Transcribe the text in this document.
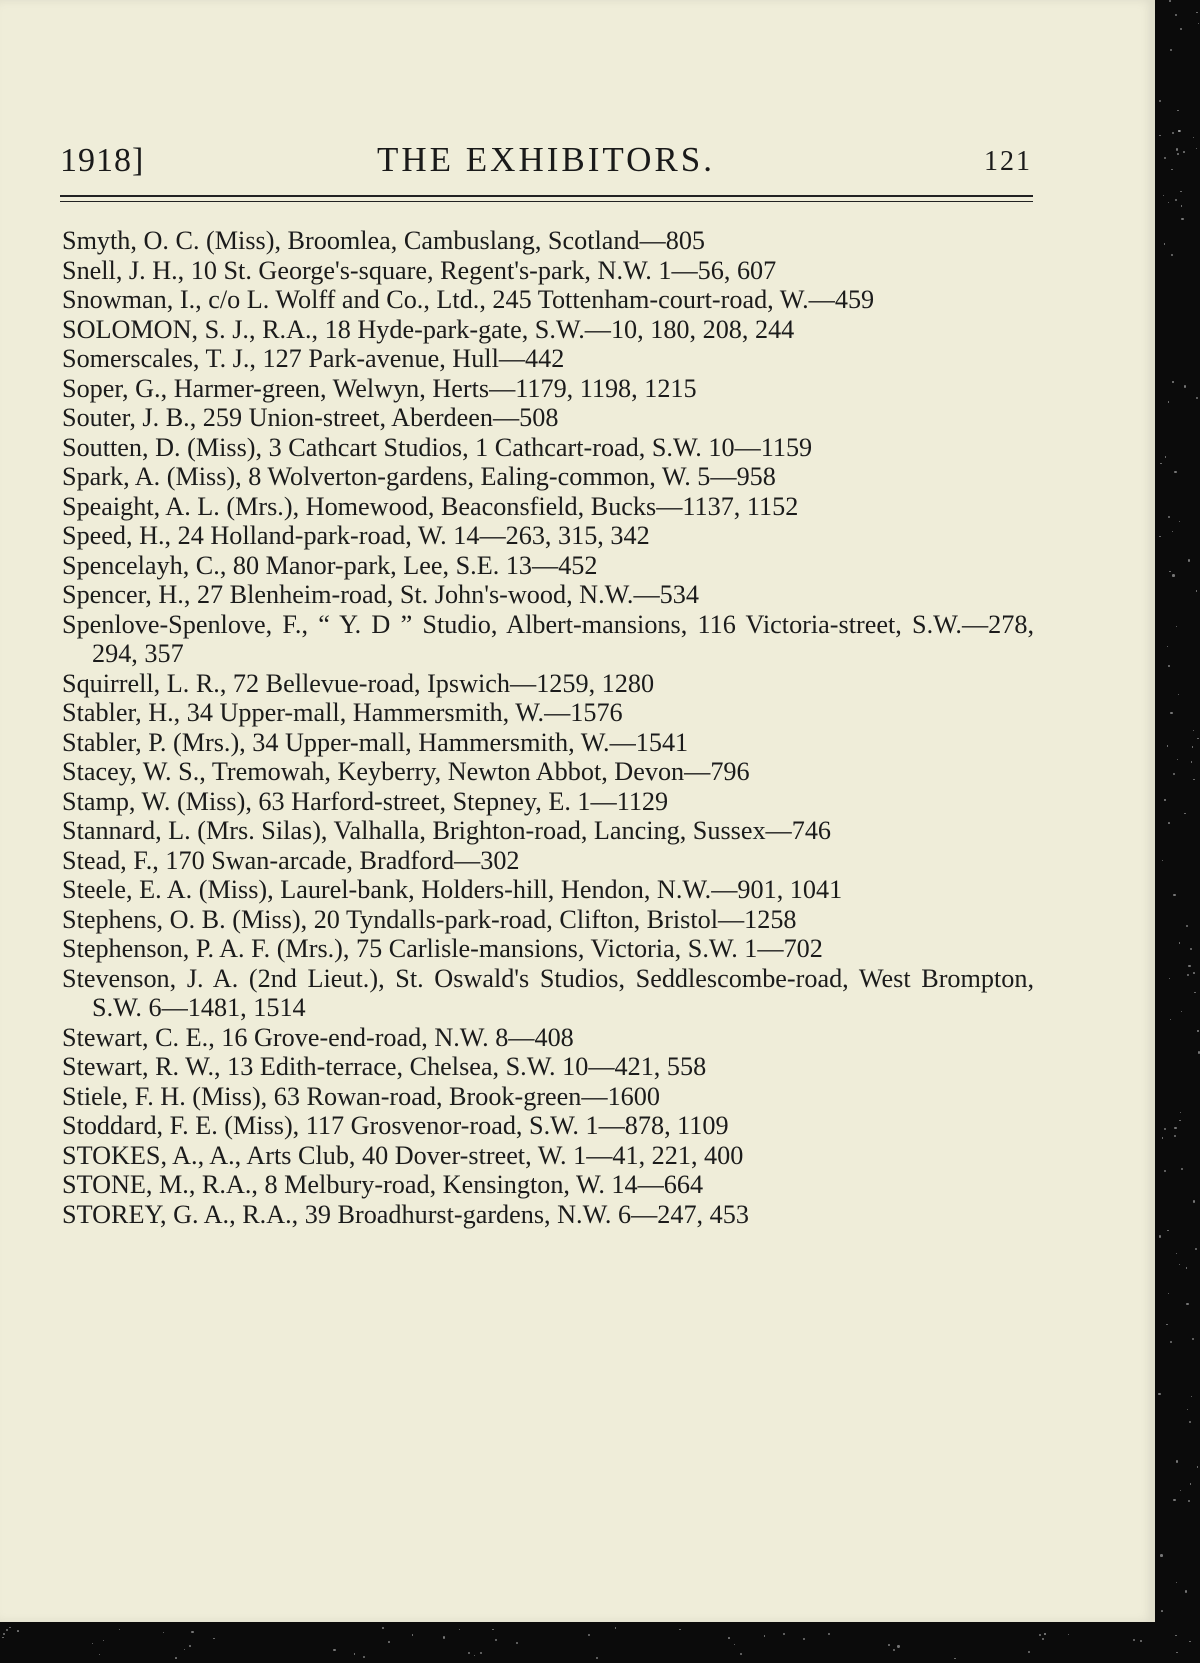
1918]	THE EXHIBITORS.	121

Smyth, O. C. (Miss), Broomlea, Cambuslang, Scotland—805

Snell, J. H., 10 St. George's-square, Regent's-park, N.W. 1—56, 607

Snowman, I., c/o L. Wolff and Co., Ltd., 245 Tottenham-court-road, W.—459

SOLOMON, S. J., R.A., 18 Hyde-park-gate, S.W.—10, 180, 208, 244

Somerscales, T. J., 127 Park-avenue, Hull—442

Soper, G., Harmer-green, Welwyn, Herts—1179, 1198, 1215

Souter, J. B., 259 Union-street, Aberdeen—508

Soutten, D. (Miss), 3 Cathcart Studios, 1 Cathcart-road, S.W. 10—1159

Spark, A. (Miss), 8 Wolverton-gardens, Ealing-common, W. 5—958

Speaight, A. L. (Mrs.), Homewood, Beaconsfield, Bucks—1137, 1152

Speed, H., 24 Holland-park-road, W. 14—263, 315, 342

Spencelayh, C., 80 Manor-park, Lee, S.E. 13—452

Spencer, H., 27 Blenheim-road, St. John's-wood, N.W.—534

Spenlove-Spenlove, F., “ Y. D ” Studio, Albert-mansions, 116 Victoria-street, S.W.—278, 294, 357

Squirrell, L. R., 72 Bellevue-road, Ipswich—1259, 1280

Stabler, H., 34 Upper-mall, Hammersmith, W.—1576

Stabler, P. (Mrs.), 34 Upper-mall, Hammersmith, W.—1541

Stacey, W. S., Tremowah, Keyberry, Newton Abbot, Devon—796

Stamp, W. (Miss), 63 Harford-street, Stepney, E. 1—1129

Stannard, L. (Mrs. Silas), Valhalla, Brighton-road, Lancing, Sussex—746

Stead, F., 170 Swan-arcade, Bradford—302

Steele, E. A. (Miss), Laurel-bank, Holders-hill, Hendon, N.W.—901, 1041

Stephens, O. B. (Miss), 20 Tyndalls-park-road, Clifton, Bristol—1258

Stephenson, P. A. F. (Mrs.), 75 Carlisle-mansions, Victoria, S.W. 1—702

Stevenson, J. A. (2nd Lieut.), St. Oswald's Studios, Seddlescombe-road, West Brompton, S.W. 6—1481, 1514

Stewart, C. E., 16 Grove-end-road, N.W. 8—408

Stewart, R. W., 13 Edith-terrace, Chelsea, S.W. 10—421, 558

Stiele, F. H. (Miss), 63 Rowan-road, Brook-green—1600

Stoddard, F. E. (Miss), 117 Grosvenor-road, S.W. 1—878, 1109

STOKES, A., A., Arts Club, 40 Dover-street, W. 1—41, 221, 400

STONE, M., R.A., 8 Melbury-road, Kensington, W. 14—664

STOREY, G. A., R.A., 39 Broadhurst-gardens, N.W. 6—247, 453
